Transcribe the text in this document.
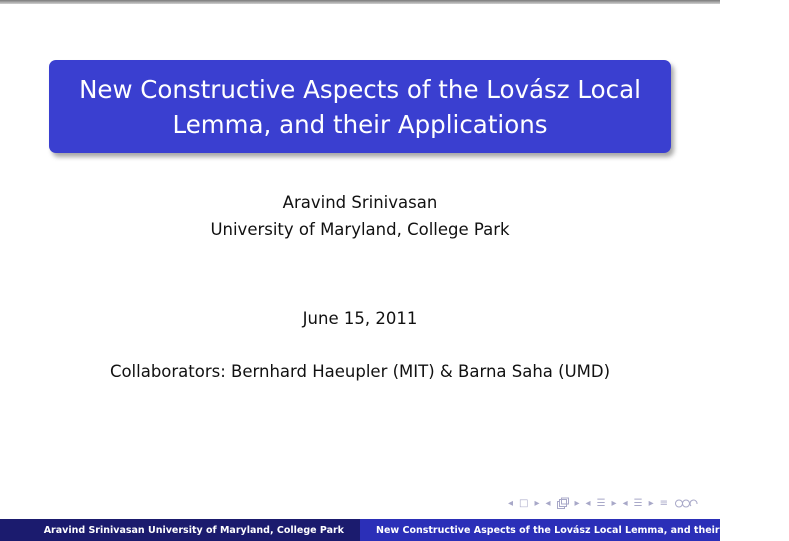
New Constructive Aspects of the Lovász Local
Lemma, and their Applications
Aravind Srinivasan
University of Maryland, College Park
June 15, 2011
Collaborators: Bernhard Haeupler (MIT) & Barna Saha (UMD)
◂ □ ▸ ◂ ▸ ◂ ☰ ▸ ◂ ☰ ▸ ≡
Aravind Srinivasan University of Maryland, College Park	New Constructive Aspects of the Lovász Local Lemma, and their Applications
